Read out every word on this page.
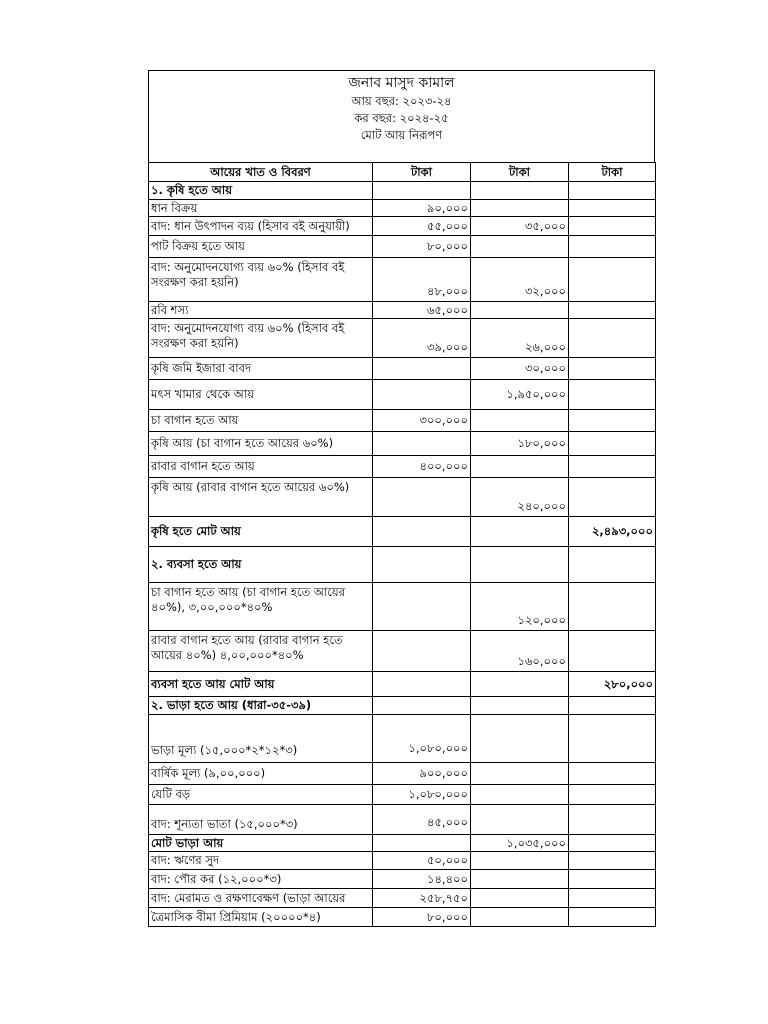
জনাব মাসুদ কামাল
আয় বছর: ২০২৩-২৪
কর বছর: ২০২৪-২৫
মোট আয় নিরূপণ
আয়ের খাত ও বিবরণ	টাকা	টাকা	টাকা
১. কৃষি হতে আয়			
ধান বিক্রয়	৯০,০০০		
বাদ: ধান উৎপাদন ব্যয় (হিসাব বই অনুযায়ী)	৫৫,০০০	৩৫,০০০	
পাট বিক্রয় হতে আয়	৮০,০০০		
বাদ: অনুমোদনযোগ্য ব্যয় ৬০% (হিসাব বই সংরক্ষণ করা হয়নি)	৪৮,০০০	৩২,০০০	
রবি শস্য	৬৫,০০০		
বাদ: অনুমোদনযোগ্য ব্যয় ৬০% (হিসাব বই সংরক্ষণ করা হয়নি)	৩৯,০০০	২৬,০০০	
কৃষি জমি ইজারা বাবদ		৩০,০০০	
মৎস খামার থেকে আয়		১,৯৫০,০০০	
চা বাগান হতে আয়	৩০০,০০০		
কৃষি আয় (চা বাগান হতে আয়ের ৬০%)		১৮০,০০০	
রাবার বাগান হতে আয়	৪০০,০০০		
কৃষি আয় (রাবার বাগান হতে আয়ের ৬০%)		২৪০,০০০	
কৃষি হতে মোট আয়			২,৪৯৩,০০০
২. ব্যবসা হতে আয়			
চা বাগান হতে আয় (চা বাগান হতে আয়ের ৪০%), ৩,০০,০০০*৪০%		১২০,০০০	
রাবার বাগান হতে আয় (রাবার বাগান হতে আয়ের ৪০%) ৪,০০,০০০*৪০%		১৬০,০০০	
ব্যবসা হতে আয় মোট আয়			২৮০,০০০
২. ভাড়া হতে আয় (ধারা-৩৫-৩৯)			
ভাড়া মূল্য (১৫,০০০*২*১২*৩)	১,০৮০,০০০		
বার্ষিক মূল্য (৯,০০,০০০)	৯০০,০০০		
যেটি বড়	১,০৮০,০০০		
বাদ: শূন্যতা ভাতা (১৫,০০০*৩)	৪৫,০০০		
মোট ভাড়া আয়		১,০৩৫,০০০	
বাদ: ঋণের সুদ	৫০,০০০		
বাদ: পৌর কর (১২,০০০*৩)	১৪,৪০০		
বাদ: মেরামত ও রক্ষণাবেক্ষণ (ভাড়া আয়ের	২৫৮,৭৫০		
ত্রৈমাসিক বীমা প্রিমিয়াম (২০০০০*৪)	৮০,০০০		
